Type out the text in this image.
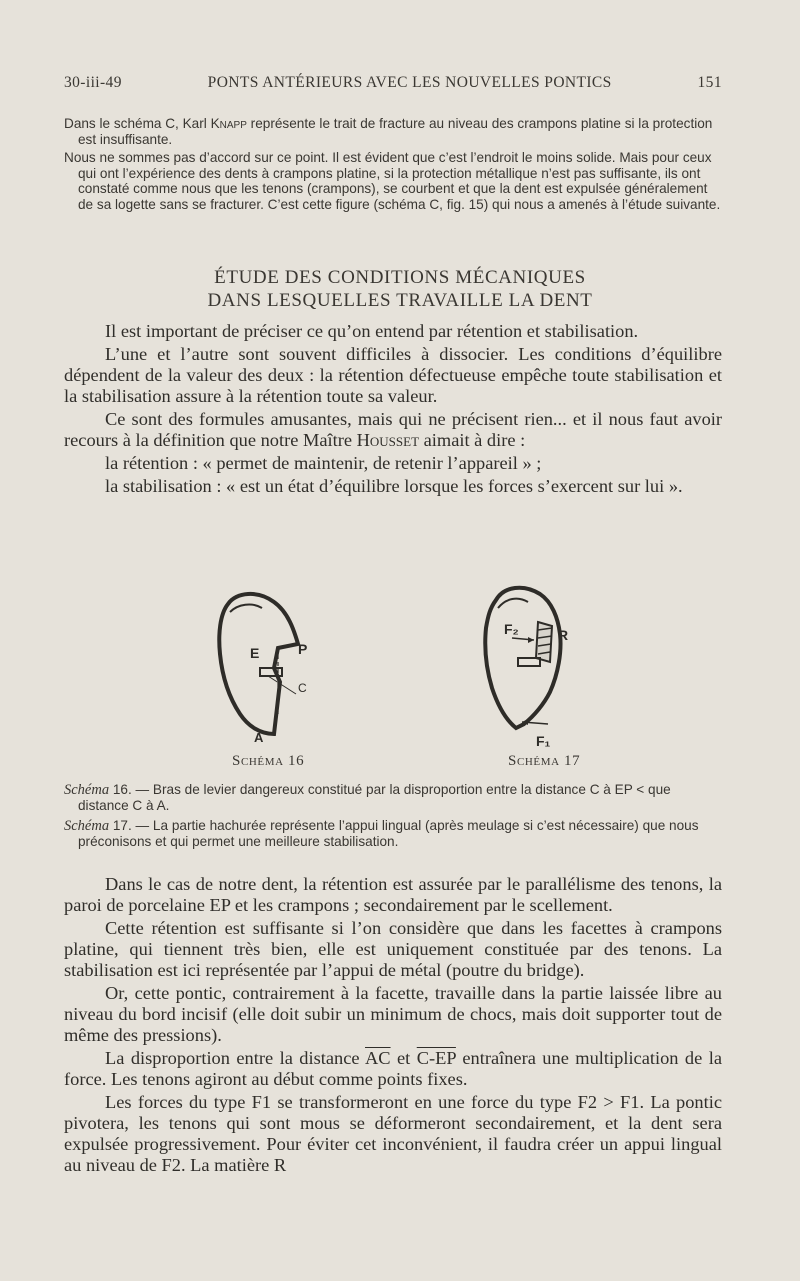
30-iii-49	PONTS ANTÉRIEURS AVEC LES NOUVELLES PONTICS	151

Dans le schéma C, Karl Knapp représente le trait de fracture au niveau des crampons platine si la protection est insuffisante.

Nous ne sommes pas d’accord sur ce point. Il est évident que c’est l’endroit le moins solide. Mais pour ceux qui ont l’expérience des dents à crampons platine, si la protection métallique n’est pas suffisante, ils ont constaté comme nous que les tenons (crampons), se courbent et que la dent est expulsée généralement de sa logette sans se fracturer. C’est cette figure (schéma C, fig. 15) qui nous a amenés à l’étude suivante.

ÉTUDE DES CONDITIONS MÉCANIQUES
DANS LESQUELLES TRAVAILLE LA DENT

Il est important de préciser ce qu’on entend par rétention et stabilisation.

L’une et l’autre sont souvent difficiles à dissocier. Les conditions d’équilibre dépendent de la valeur des deux : la rétention défectueuse empêche toute stabilisation et la stabilisation assure à la rétention toute sa valeur.

Ce sont des formules amusantes, mais qui ne précisent rien... et il nous faut avoir recours à la définition que notre Maître Housset aimait à dire :

la rétention : « permet de maintenir, de retenir l’appareil » ;

la stabilisation : « est un état d’équilibre lorsque les forces s’exercent sur lui ».

E	P
C
A
Schéma 16
F₂	R
F₁
Schéma 17

Schéma 16. — Bras de levier dangereux constitué par la disproportion entre la distance C à EP < que distance C à A.

Schéma 17. — La partie hachurée représente l’appui lingual (après meulage si c’est nécessaire) que nous préconisons et qui permet une meilleure stabilisation.

Dans le cas de notre dent, la rétention est assurée par le parallélisme des tenons, la paroi de porcelaine EP et les crampons ; secondairement par le scellement.

Cette rétention est suffisante si l’on considère que dans les facettes à crampons platine, qui tiennent très bien, elle est uniquement constituée par des tenons. La stabilisation est ici représentée par l’appui de métal (poutre du bridge).

Or, cette pontic, contrairement à la facette, travaille dans la partie laissée libre au niveau du bord incisif (elle doit subir un minimum de chocs, mais doit supporter tout de même des pressions).

La disproportion entre la distance $\overline{AC}$ et C-EP entraînera une multiplication de la force. Les tenons agiront au début comme points fixes.

Les forces du type F1 se transformeront en une force du type F2 > F1. La pontic pivotera, les tenons qui sont mous se déformeront secondairement, et la dent sera expulsée progressivement. Pour éviter cet inconvénient, il faudra créer un appui lingual au niveau de F2. La matière R
